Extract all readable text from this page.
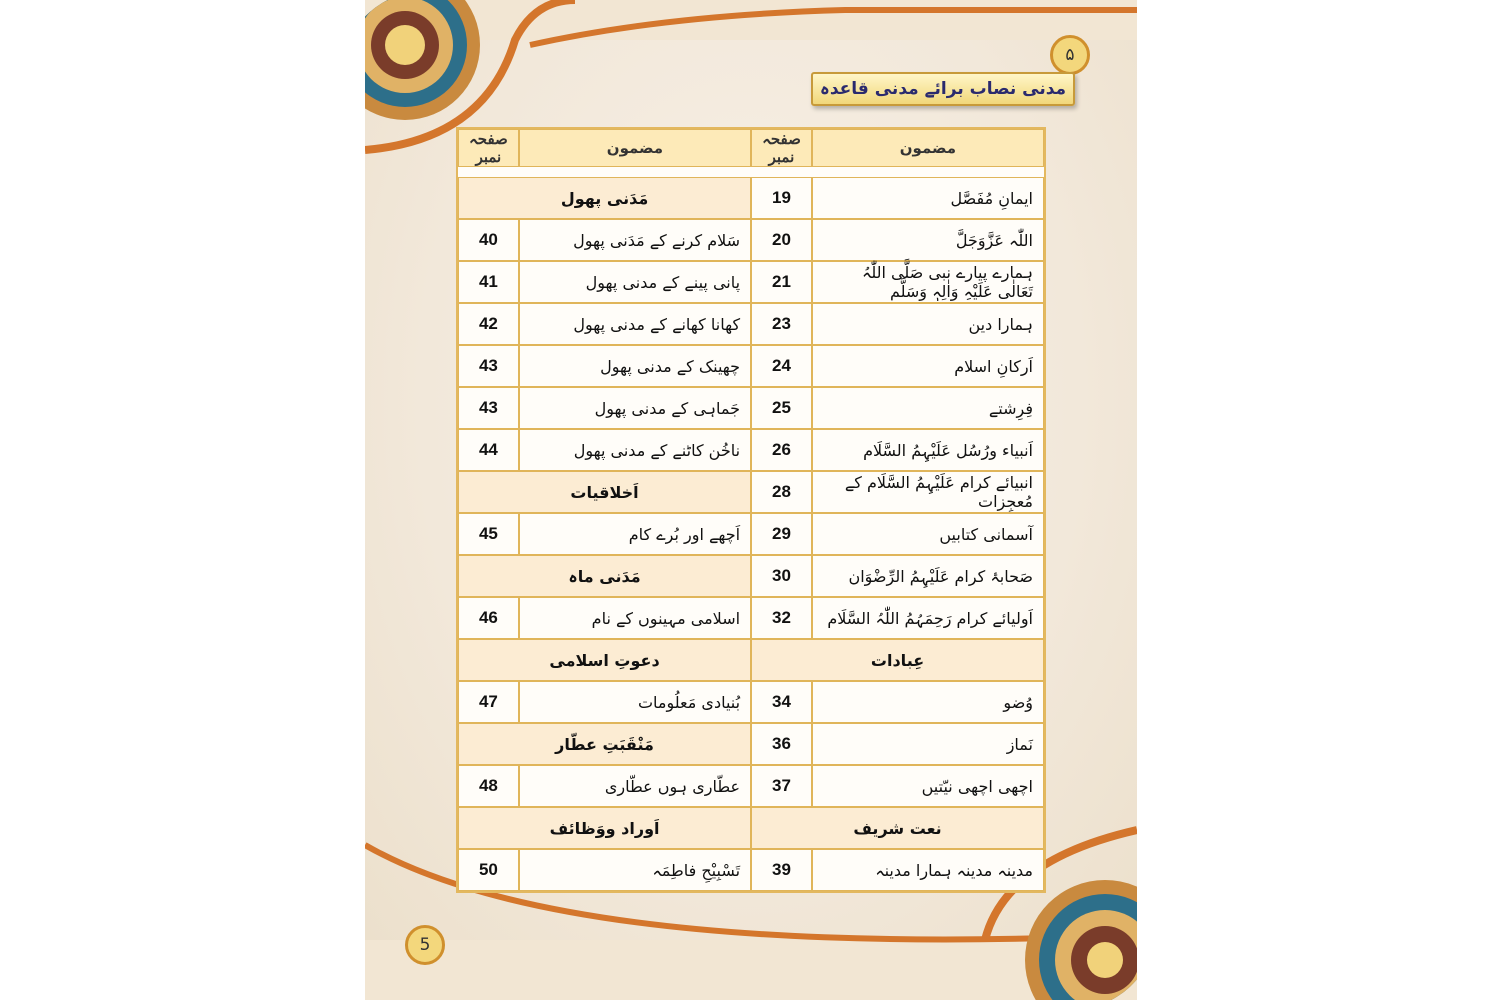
۵
مدنی نصاب برائے مدنی قاعدہ
5
مضمون	صفحہ نمبر	مضمون	صفحہ نمبر

ایمانِ مُفَصَّل	19	مَدَنی پھول	
اللّٰہ عَزَّوَجَلَّ	20	سَلام کرنے کے مَدَنی پھول	40
ہمارے پیارے نبی صَلَّی اللّٰہُ تَعَالٰی عَلَیْہِ وَاٰلِہٖ وَسَلَّم	21	پانی پینے کے مدنی پھول	41
ہمارا دین	23	کھانا کھانے کے مدنی پھول	42
اَرکانِ اسلام	24	چھینک کے مدنی پھول	43
فِرِشتے	25	جَماہی کے مدنی پھول	43
اَنبیاء ورُسُل عَلَیْہِمُ السَّلَام	26	ناخُن کاٹنے کے مدنی پھول	44
انبیائے کرام عَلَیْہِمُ السَّلَام کے مُعجِزات	28	اَخلاقیات	
آسمانی کتابیں	29	اَچھے اور بُرے کام	45
صَحابۂ کرام عَلَیْہِمُ الرِّضْوَان	30	مَدَنی ماہ	
اَولیائے کرام رَحِمَہُمُ اللّٰہُ السَّلَام	32	اسلامی مہینوں کے نام	46
عِبادات		دعوتِ اسلامی	
وُضو	34	بُنیادی مَعلُومات	47
نَماز	36	مَنْقَبَتِ عطّار	
اچھی اچھی نیّتیں	37	عطّاری ہوں عطّاری	48
نعت شریف		اَوراد ووَظائف	
مدینہ مدینہ ہمارا مدینہ	39	تَسْبِیْحِ فاطِمَہ	50
